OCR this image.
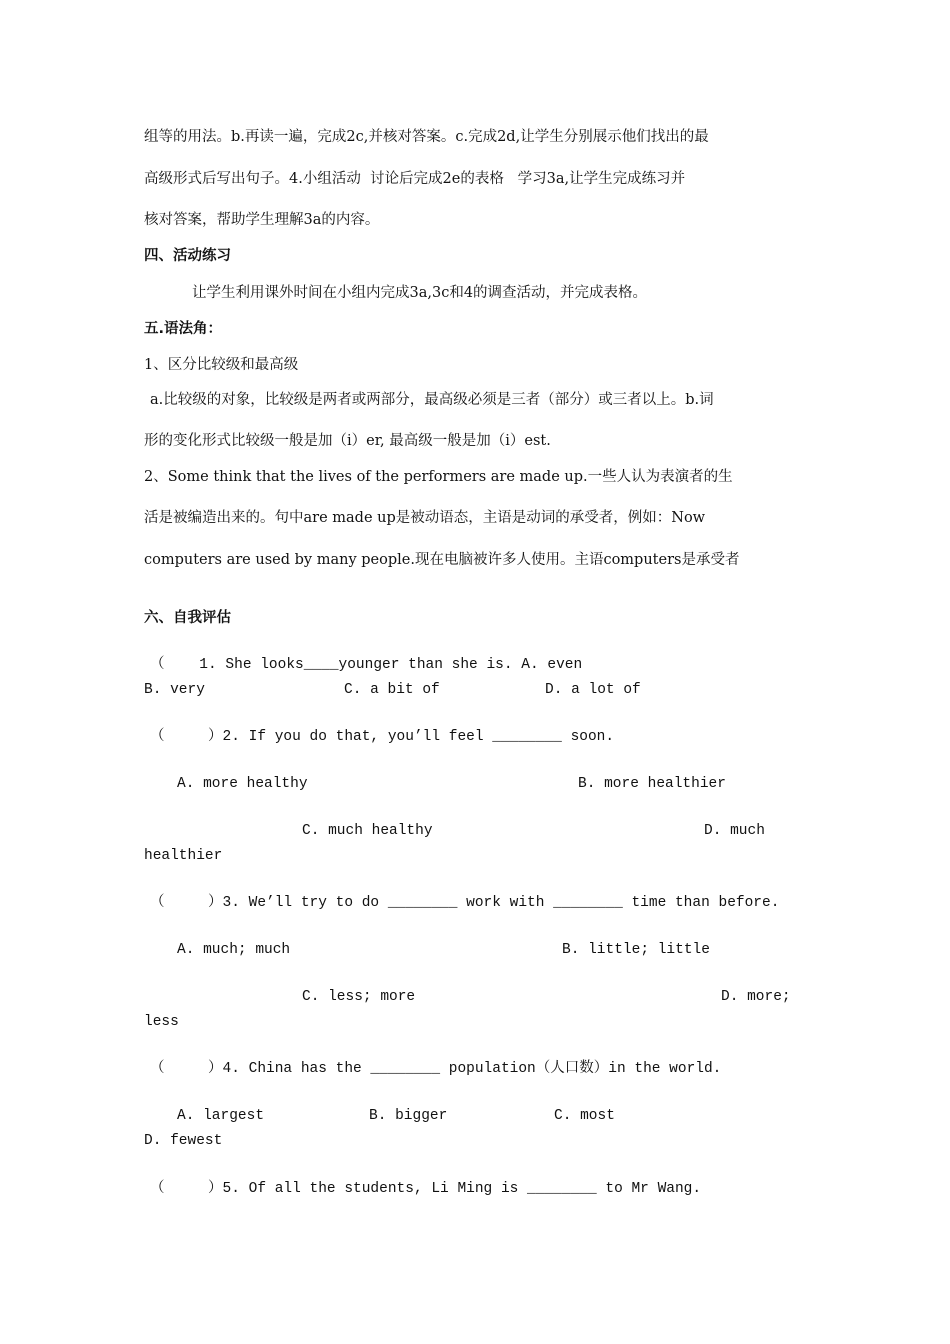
组等的用法。b.再读一遍，完成2c,并核对答案。c.完成2d,让学生分别展示他们找出的最
高级形式后写出句子。4.小组活动  讨论后完成2e的表格   学习3a,让学生完成练习并
核对答案，帮助学生理解3a的内容。
四、活动练习
让学生利用课外时间在小组内完成3a,3c和4的调查活动，并完成表格。
五.语法角：
1、区分比较级和最高级
a.比较级的对象，比较级是两者或两部分，最高级必须是三者（部分）或三者以上。b.词
形的变化形式比较级一般是加（i）er, 最高级一般是加（i）est.
2、Some think that the lives of the performers are made up.一些人认为表演者的生
活是被编造出来的。句中are made up是被动语态，主语是动词的承受者，例如：Now
computers are used by many people.现在电脑被许多人使用。主语computers是承受者
六、自我评估
（    1. She looks____younger than she is. A. even
B. very	C. a bit of	D. a lot of
（     ）2. If you do that, you’ll feel ________ soon.
A. more healthy	B. more healthier
C. much healthy	D. much
healthier
（     ）3. We’ll try to do ________ work with ________ time than before.
A. much; much	B. little; little
C. less; more	D. more;
less
（     ）4. China has the ________ population（人口数）in the world.
A. largest	B. bigger	C. most
D. fewest
（     ）5. Of all the students, Li Ming is ________ to Mr Wang.
